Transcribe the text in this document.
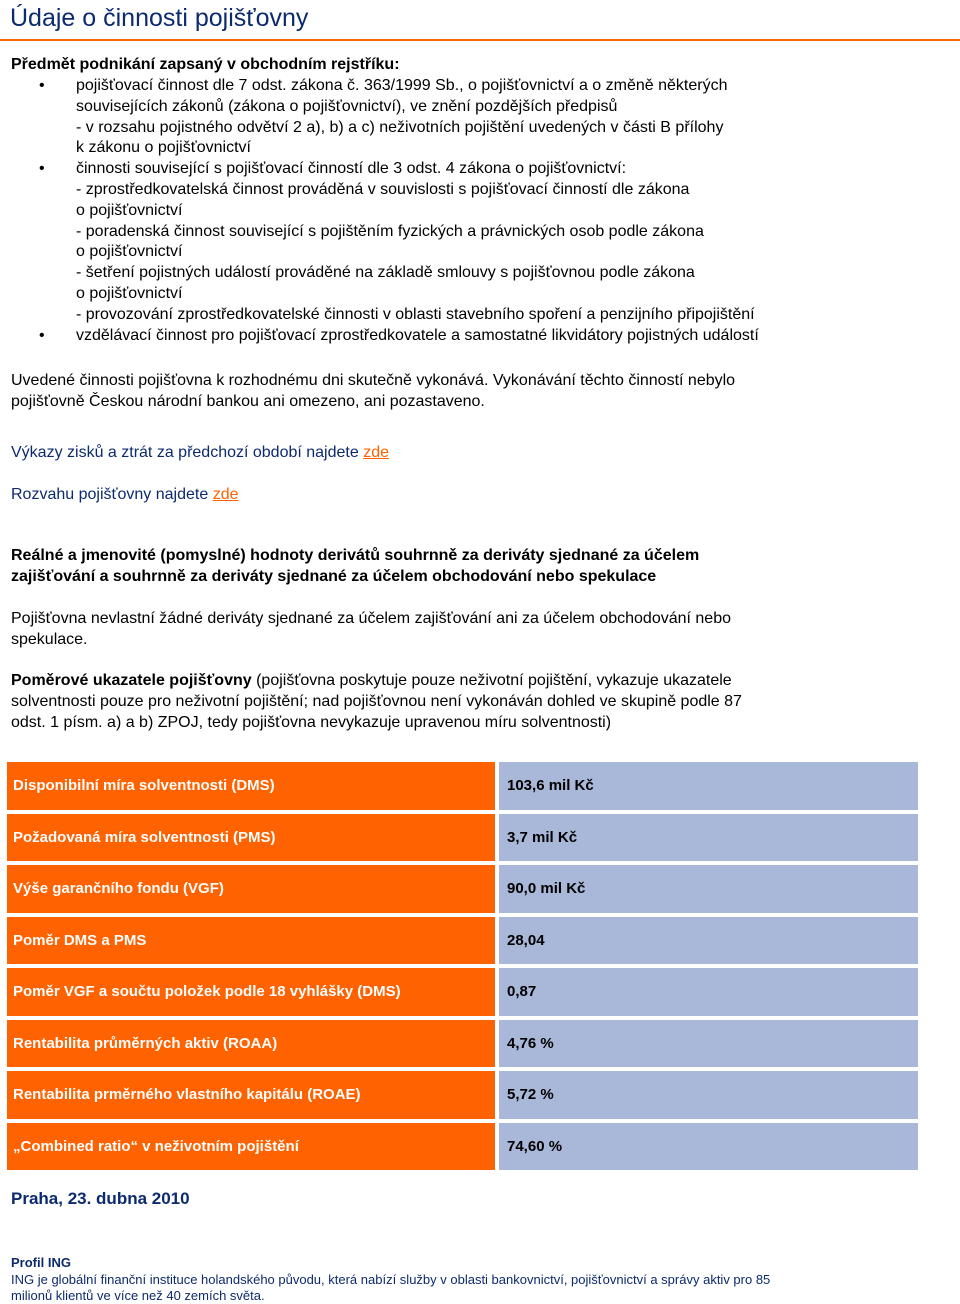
Údaje o činnosti pojišťovny
Předmět podnikání zapsaný v obchodním rejstříku:
• pojišťovací činnost dle 7 odst. zákona č. 363/1999 Sb., o pojišťovnictví a o změně některých
souvisejících zákonů (zákona o pojišťovnictví), ve znění pozdějších předpisů
- v rozsahu pojistného odvětví 2 a), b) a c) neživotních pojištění uvedených v části B přílohy
k zákonu o pojišťovnictví
• činnosti související s pojišťovací činností dle 3 odst. 4 zákona o pojišťovnictví:
- zprostředkovatelská činnost prováděná v souvislosti s pojišťovací činností dle zákona
o pojišťovnictví
- poradenská činnost související s pojištěním fyzických a právnických osob podle zákona
o pojišťovnictví
- šetření pojistných událostí prováděné na základě smlouvy s pojišťovnou podle zákona
o pojišťovnictví
- provozování zprostředkovatelské činnosti v oblasti stavebního spoření a penzijního připojištění
• vzdělávací činnost pro pojišťovací zprostředkovatele a samostatné likvidátory pojistných událostí
Uvedené činnosti pojišťovna k rozhodnému dni skutečně vykonává. Vykonávání těchto činností nebylo
pojišťovně Českou národní bankou ani omezeno, ani pozastaveno.
Výkazy zisků a ztrát za předchozí období najdete zde
Rozvahu pojišťovny najdete zde
Reálné a jmenovité (pomyslné) hodnoty derivátů souhrnně za deriváty sjednané za účelem
zajišťování a souhrnně za deriváty sjednané za účelem obchodování nebo spekulace
Pojišťovna nevlastní žádné deriváty sjednané za účelem zajišťování ani za účelem obchodování nebo
spekulace.
Poměrové ukazatele pojišťovny (pojišťovna poskytuje pouze neživotní pojištění, vykazuje ukazatele
solventnosti pouze pro neživotní pojištění; nad pojišťovnou není vykonáván dohled ve skupině podle 87
odst. 1 písm. a) a b) ZPOJ, tedy pojišťovna nevykazuje upravenou míru solventnosti)
Disponibilní míra solventnosti (DMS)	103,6 mil Kč
Požadovaná míra solventnosti (PMS)	3,7 mil Kč
Výše garančního fondu (VGF)	90,0 mil Kč
Poměr DMS a PMS	28,04
Poměr VGF a součtu položek podle 18 vyhlášky (DMS)	0,87
Rentabilita průměrných aktiv (ROAA)	4,76 %
Rentabilita prměrného vlastního kapitálu (ROAE)	5,72 %
„Combined ratio“ v neživotním pojištění	74,60 %
Praha, 23. dubna 2010
Profil ING
ING je globální finanční instituce holandského původu, která nabízí služby v oblasti bankovnictví, pojišťovnictví a správy aktiv pro 85
milionů klientů ve více než 40 zemích světa.
